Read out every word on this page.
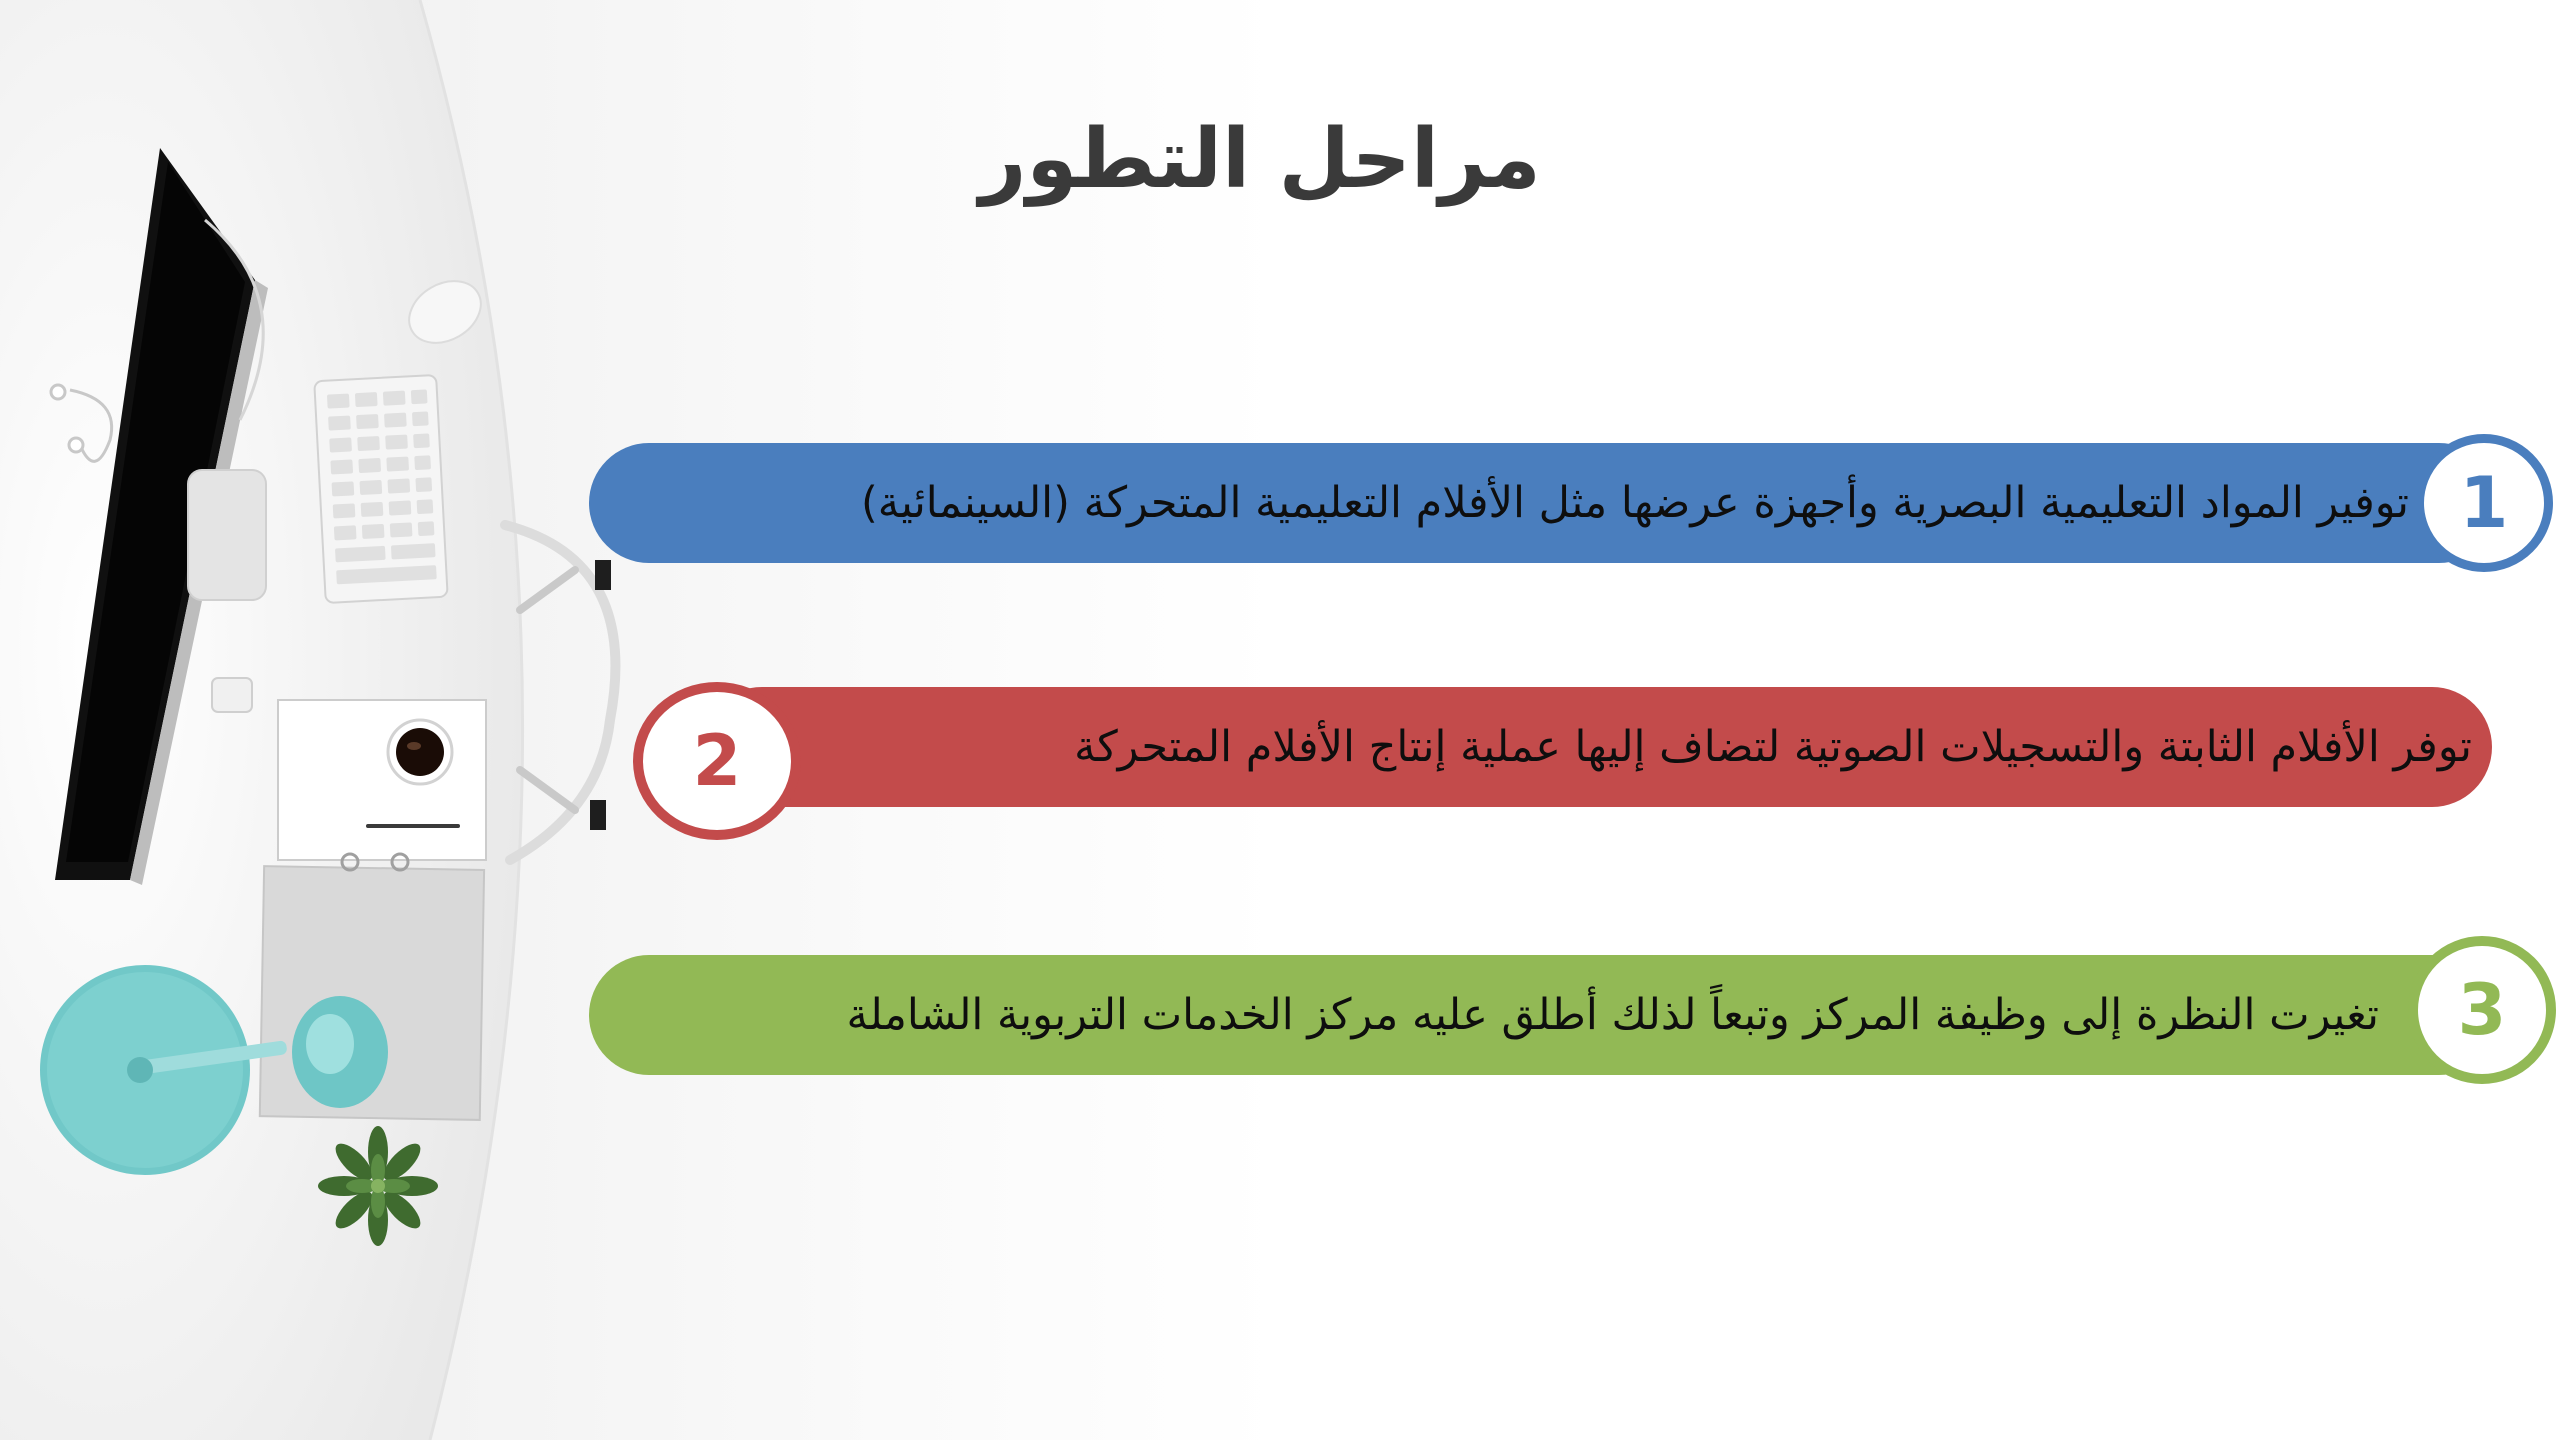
مراحل التطور
توفير المواد التعليمية البصرية وأجهزة عرضها مثل الأفلام التعليمية المتحركة (السينمائية) 1
توفر الأفلام الثابتة والتسجيلات الصوتية لتضاف إليها عملية إنتاج الأفلام المتحركة
2
تغيرت النظرة إلى وظيفة المركز وتبعاً لذلك أطلق عليه مركز الخدمات التربوية الشاملة	3
